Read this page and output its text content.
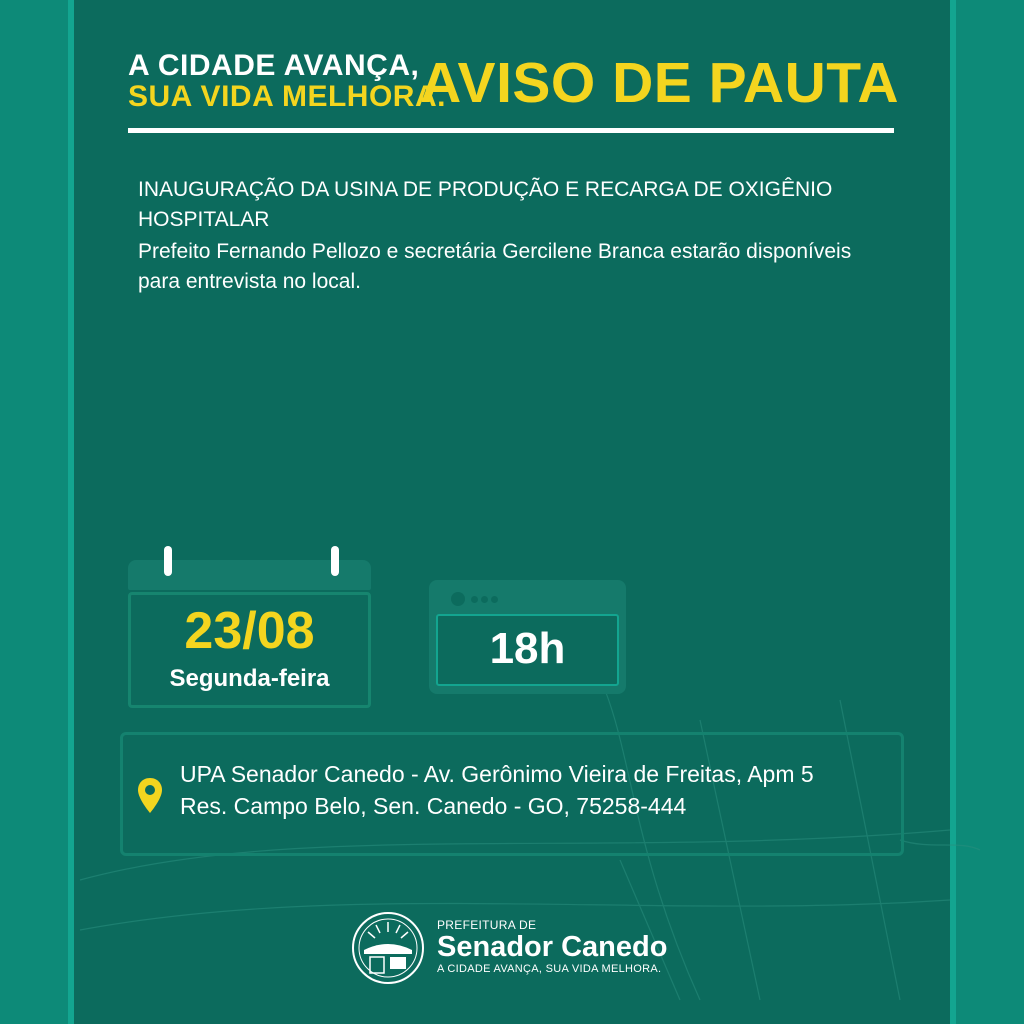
A CIDADE AVANÇA,
SUA VIDA MELHORA.
AVISO DE PAUTA
INAUGURAÇÃO DA USINA DE PRODUÇÃO E RECARGA DE OXIGÊNIO HOSPITALAR
Prefeito Fernando Pellozo e secretária Gercilene Branca estarão disponíveis para entrevista no local.
23/08
Segunda-feira
18h
UPA Senador Canedo - Av. Gerônimo Vieira de Freitas, Apm 5
Res. Campo Belo, Sen. Canedo - GO, 75258-444
PREFEITURA DE
Senador Canedo
A CIDADE AVANÇA, SUA VIDA MELHORA.
